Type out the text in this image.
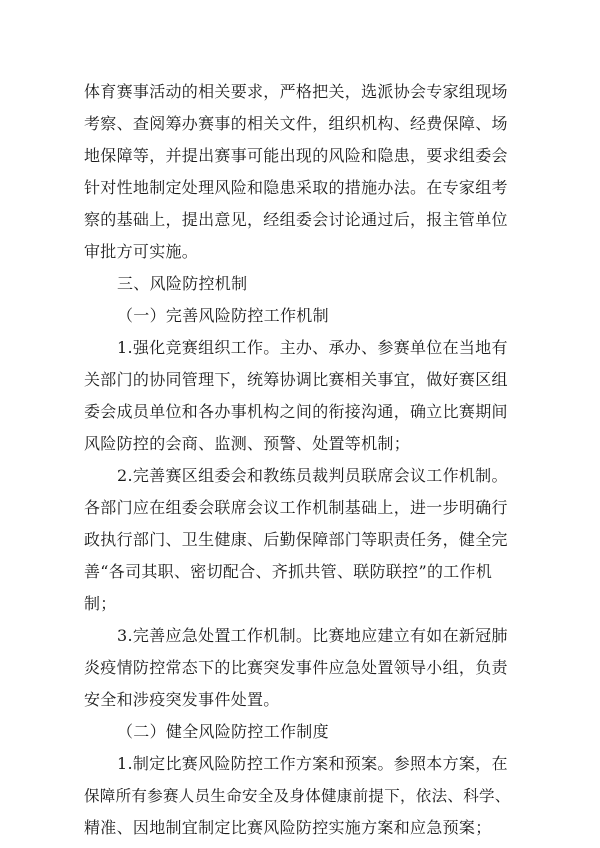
体育赛事活动的相关要求，严格把关，选派协会专家组现场
考察、查阅筹办赛事的相关文件，组织机构、经费保障、场
地保障等，并提出赛事可能出现的风险和隐患，要求组委会
针对性地制定处理风险和隐患采取的措施办法。在专家组考
察的基础上，提出意见，经组委会讨论通过后，报主管单位
审批方可实施。
三、风险防控机制
（一）完善风险防控工作机制
1.强化竞赛组织工作。主办、承办、参赛单位在当地有
关部门的协同管理下，统筹协调比赛相关事宜，做好赛区组
委会成员单位和各办事机构之间的衔接沟通，确立比赛期间
风险防控的会商、监测、预警、处置等机制；
2.完善赛区组委会和教练员裁判员联席会议工作机制。
各部门应在组委会联席会议工作机制基础上，进一步明确行
政执行部门、卫生健康、后勤保障部门等职责任务，健全完
善“各司其职、密切配合、齐抓共管、联防联控”的工作机
制；
3.完善应急处置工作机制。比赛地应建立有如在新冠肺
炎疫情防控常态下的比赛突发事件应急处置领导小组，负责
安全和涉疫突发事件处置。
（二）健全风险防控工作制度
1.制定比赛风险防控工作方案和预案。参照本方案，在
保障所有参赛人员生命安全及身体健康前提下，依法、科学、
精准、因地制宜制定比赛风险防控实施方案和应急预案；
